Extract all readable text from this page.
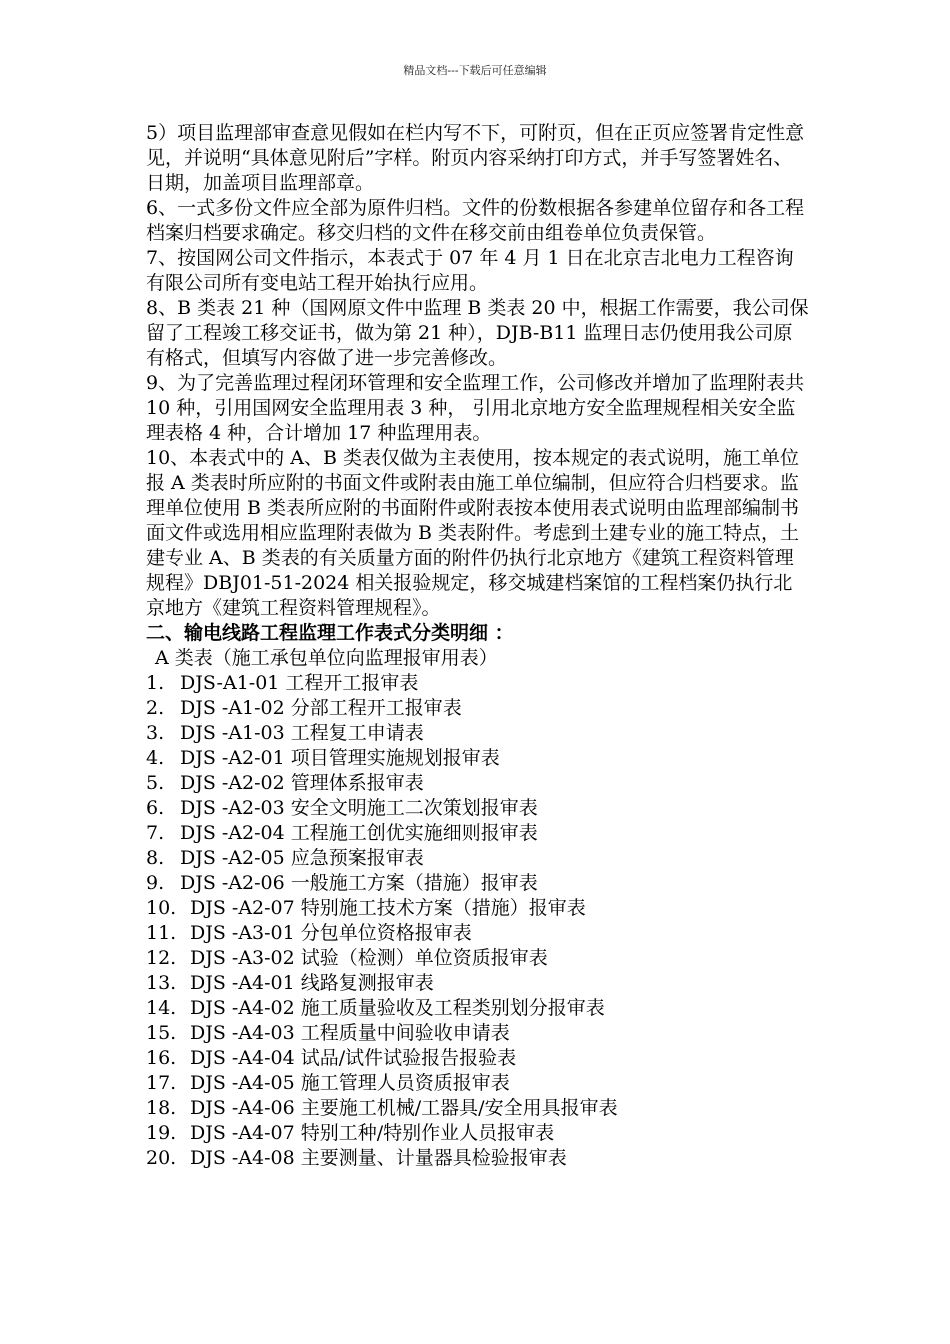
精品文档---下载后可任意编辑

5）项目监理部审查意见假如在栏内写不下，可附页，但在正页应签署肯定性意见，并说明“具体意见附后”字样。附页内容采纳打印方式，并手写签署姓名、日期，加盖项目监理部章。

6、一式多份文件应全部为原件归档。文件的份数根据各参建单位留存和各工程档案归档要求确定。移交归档的文件在移交前由组卷单位负责保管。

7、按国网公司文件指示，本表式于 07 年 4 月 1 日在北京吉北电力工程咨询有限公司所有变电站工程开始执行应用。

8、B 类表 21 种（国网原文件中监理 B 类表 20 中，根据工作需要，我公司保留了工程竣工移交证书，做为第 21 种），DJB-B11 监理日志仍使用我公司原有格式，但填写内容做了进一步完善修改。

9、为了完善监理过程闭环管理和安全监理工作，公司修改并增加了监理附表共 10 种，引用国网安全监理用表 3 种， 引用北京地方安全监理规程相关安全监理表格 4 种，合计增加 17 种监理用表。

10、本表式中的 A、B 类表仅做为主表使用，按本规定的表式说明，施工单位报 A 类表时所应附的书面文件或附表由施工单位编制，但应符合归档要求。监理单位使用 B 类表所应附的书面附件或附表按本使用表式说明由监理部编制书面文件或选用相应监理附表做为 B 类表附件。考虑到土建专业的施工特点，土建专业 A、B 类表的有关质量方面的附件仍执行北京地方《建筑工程资料管理规程》DBJ01-51-2024 相关报验规定，移交城建档案馆的工程档案仍执行北京地方《建筑工程资料管理规程》。

二、输电线路工程监理工作表式分类明细 ：

A 类表（施工承包单位向监理报审用表）

1. DJS-A1-01 工程开工报审表
2. DJS -A1-02 分部工程开工报审表
3. DJS -A1-03 工程复工申请表
4. DJS -A2-01 项目管理实施规划报审表
5. DJS -A2-02 管理体系报审表
6. DJS -A2-03 安全文明施工二次策划报审表
7. DJS -A2-04 工程施工创优实施细则报审表
8. DJS -A2-05 应急预案报审表
9. DJS -A2-06 一般施工方案（措施）报审表
10. DJS -A2-07 特别施工技术方案（措施）报审表
11. DJS -A3-01 分包单位资格报审表
12. DJS -A3-02 试验（检测）单位资质报审表
13. DJS -A4-01 线路复测报审表
14. DJS -A4-02 施工质量验收及工程类别划分报审表
15. DJS -A4-03 工程质量中间验收申请表
16. DJS -A4-04 试品/试件试验报告报验表
17. DJS -A4-05 施工管理人员资质报审表
18. DJS -A4-06 主要施工机械/工器具/安全用具报审表
19. DJS -A4-07 特别工种/特别作业人员报审表
20. DJS -A4-08 主要测量、计量器具检验报审表
